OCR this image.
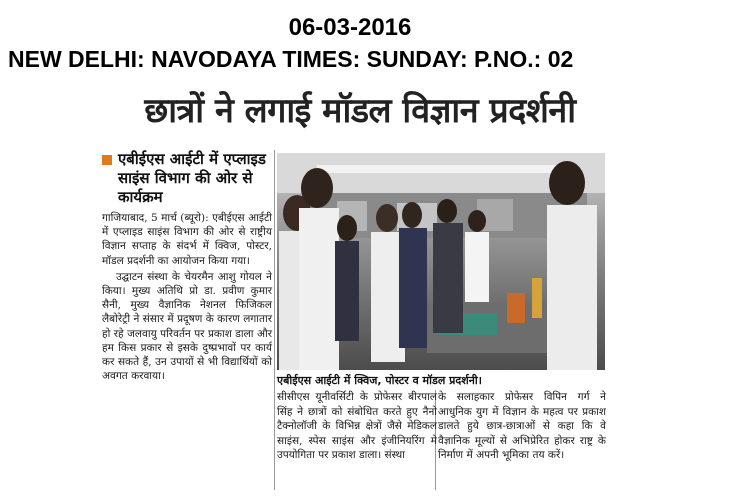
06-03-2016
NEW DELHI: NAVODAYA TIMES: SUNDAY: P.NO.: 02
छात्रों ने लगाई मॉडल विज्ञान प्रदर्शनी
एबीईएस आईटी में एप्लाइड साइंस विभाग की ओर से कार्यक्रम

गाजियाबाद, 5 मार्च (ब्यूरो): एबीईएस आईटी में एप्लाइड साइंस विभाग की ओर से राष्ट्रीय विज्ञान सप्ताह के संदर्भ में क्विज, पोस्टर, मॉडल प्रदर्शनी का आयोजन किया गया।

उद्घाटन संस्था के चेयरमैन आशु गोयल ने किया। मुख्य अतिथि प्रो डा. प्रवीण कुमार सैनी, मुख्य वैज्ञानिक नेशनल फिजिकल लैबोरेट्री ने संसार में प्रदूषण के कारण लगातार हो रहे जलवायु परिवर्तन पर प्रकाश डाला और हम किस प्रकार से इसके दुष्प्रभावों पर कार्य कर सकते हैं, उन उपायों से भी विद्यार्थियों को अवगत करवाया।	एबीईएस आईटी में क्विज, पोस्टर व मॉडल प्रदर्शनी।

सीसीएस यूनीवर्सिटी के प्रोफेसर बीरपाल सिंह ने छात्रों को संबोधित करते हुए नैनो टैक्नोलॉजी के विभिन्न क्षेत्रों जैसे मेडिकल साइंस, स्पेस साइंस और इंजीनियरिंग मे उपयोगिता पर प्रकाश डाला। संस्था

के सलाहकार प्रोफेसर विपिन गर्ग ने आधुनिक युग में विज्ञान के महत्व पर प्रकाश डालते हुये छात्र-छात्राओं से कहा कि वे वैज्ञानिक मूल्यों से अभिप्रेरित होकर राष्ट्र के निर्माण में अपनी भूमिका तय करें।
